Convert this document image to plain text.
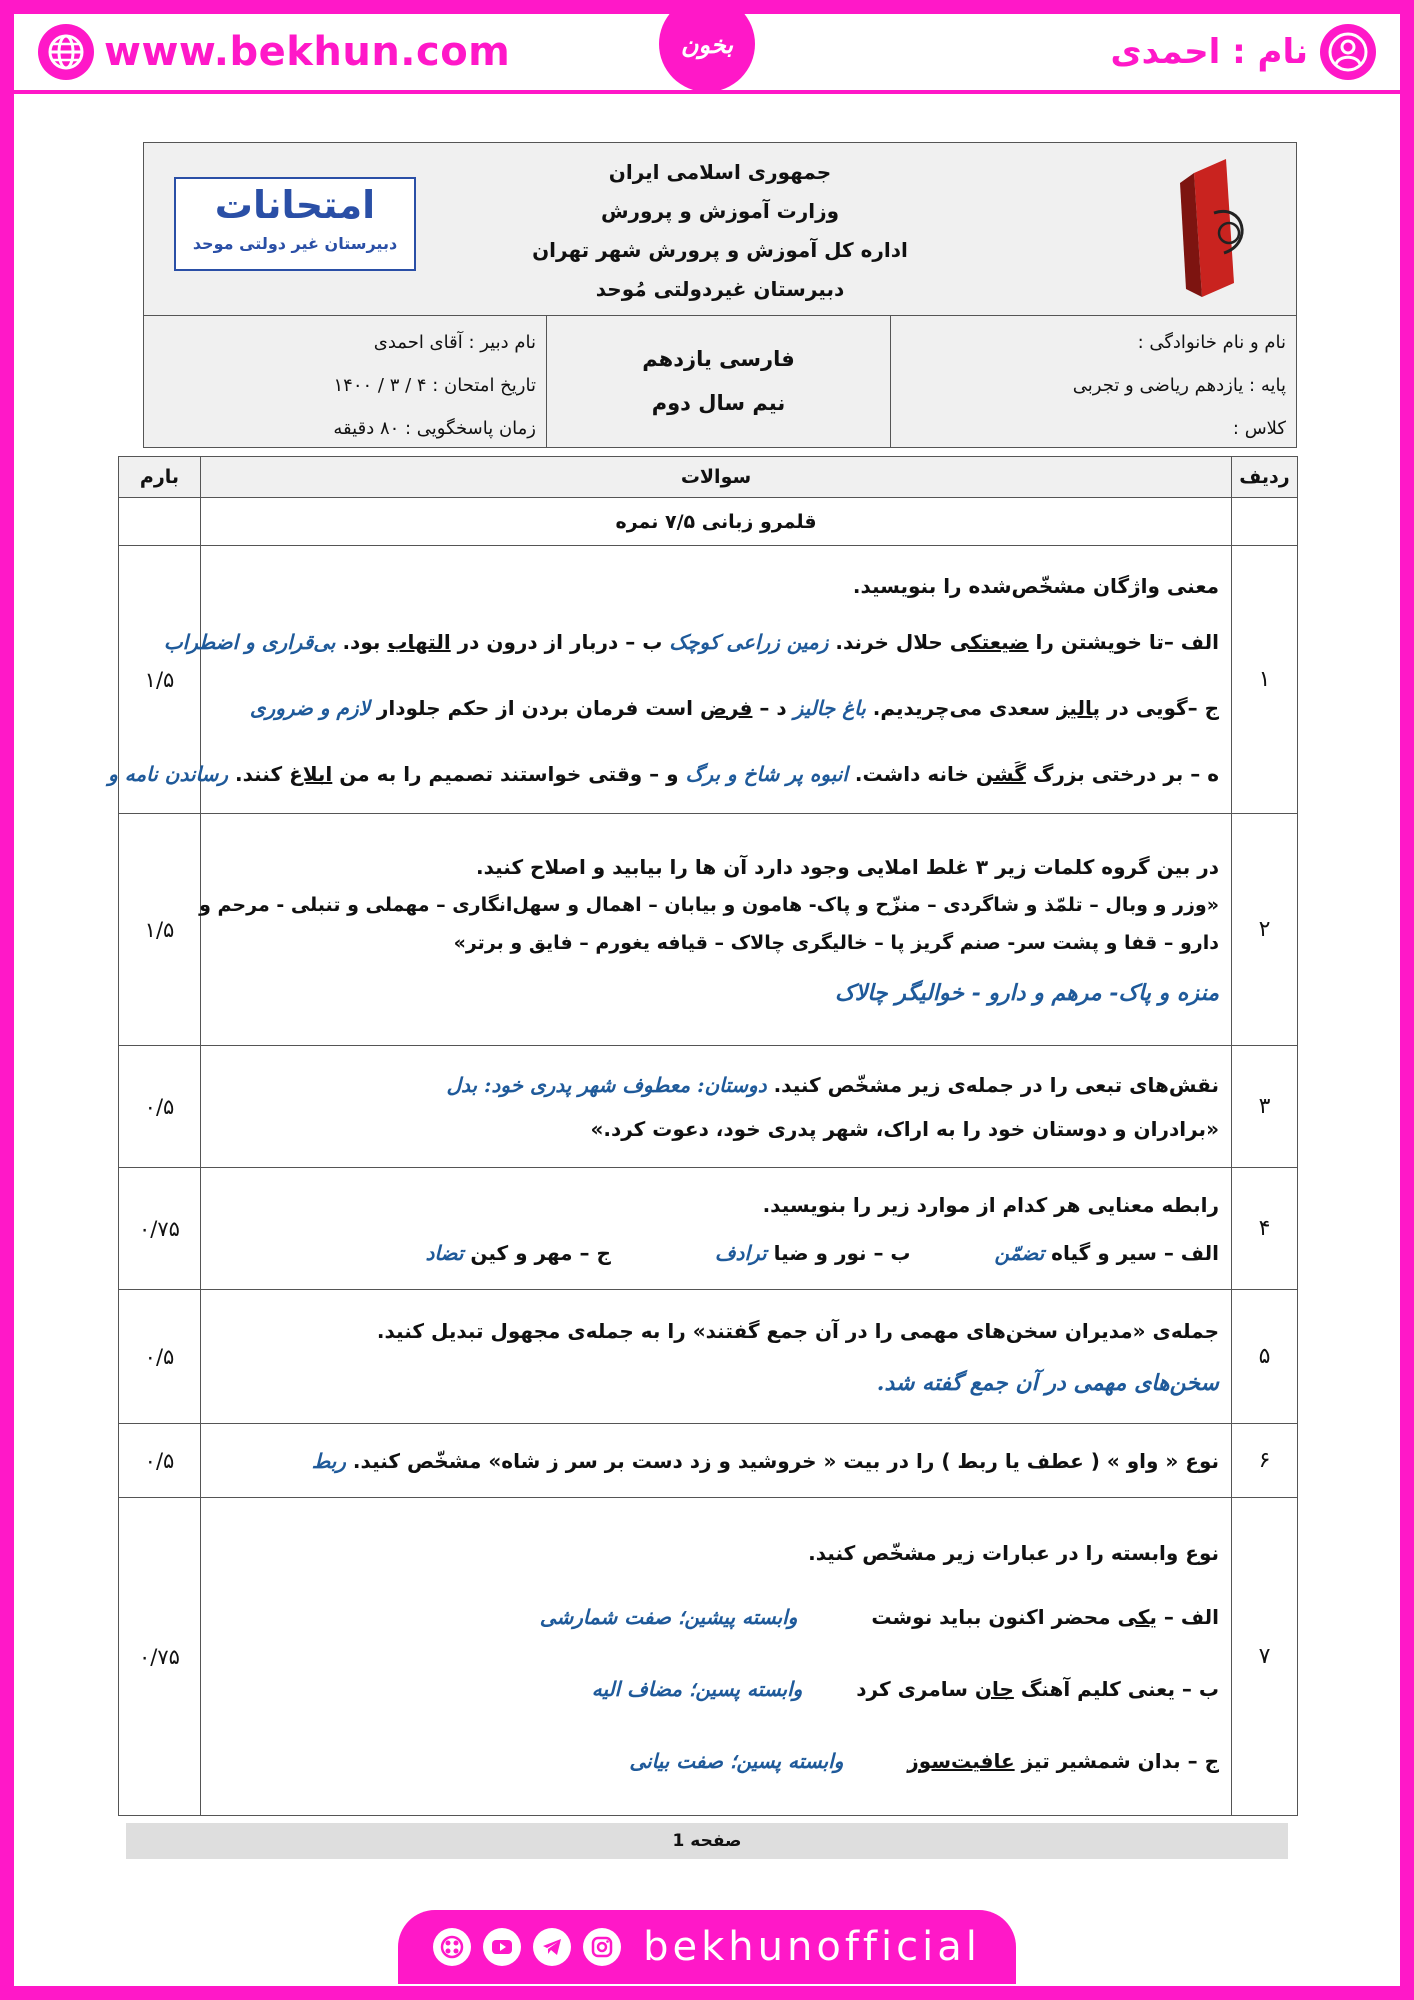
www.bekhun.com	بخون	نام : احمدی
امتحانات
دبیرستان غیر دولتی موحد
جمهوری اسلامی ایران
وزارت آموزش و پرورش
اداره کل آموزش و پرورش شهر تهران
دبیرستان غیردولتی مُوحد
نام و نام خانوادگی :
پایه : یازدهم ریاضی و تجربی
کلاس :
فارسی یازدهم
نیم سال دوم
نام دبیر : آقای احمدی
تاریخ امتحان : ۴ / ۳ / ۱۴۰۰
زمان پاسخگویی : ۸۰ دقیقه
ردیف	سوالات	بارم
	قلمرو زبانی ۷/۵ نمره	
۱	معنی واژگان مشخّص‌شده را بنویسید.
الف –تا خویشتن را ضیعتکی حلال خرند. زمین زراعی کوچک ب – دربار از درون در التهاب بود. بی‌قراری و اضطراب
ج –گویی در پالیز سعدی می‌چریدیم. باغ جالیز د – فرض است فرمان بردن از حکم جلودار لازم و ضروری
ه – بر درختی بزرگ گَشن خانه داشت. انبوه پر شاخ و برگ و – وقتی خواستند تصمیم را به من ابلاغ کنند. رساندن نامه و	۱/۵
۲	در بین گروه کلمات زیر ۳ غلط املایی وجود دارد آن ها را بیابید و اصلاح کنید.
«وزر و وبال – تلمّذ و شاگردی – منزّح و پاک- هامون و بیابان – اهمال و سهل‌انگاری – مهملی و تنبلی - مرحم و
دارو – قفا و پشت سر- صنم گریز پا – خالیگری چالاک – قیافه یغورم – فایق و برتر»
منزه و پاک- مرهم و دارو - خوالیگر چالاک	۱/۵
۳	نقش‌های تبعی را در جمله‌ی زیر مشخّص کنید. دوستان: معطوف شهر پدری خود: بدل
«برادران و دوستان خود را به اراک، شهر پدری خود، دعوت کرد.»	۰/۵
۴	رابطه معنایی هر کدام از موارد زیر را بنویسید.
الف – سیر و گیاه تضمّن  ب – نور و ضیا ترادف  ج – مهر و کین تضاد	۰/۷۵
۵	جمله‌ی «مدیران سخن‌های مهمی را در آن جمع گفتند» را به جمله‌ی مجهول تبدیل کنید.
سخن‌های مهمی در آن جمع گفته شد.	۰/۵
۶	نوع « واو » ( عطف یا ربط ) را در بیت « خروشید و زد دست بر سر ز شاه» مشخّص کنید. ربط	۰/۵
۷	نوع وابسته را در عبارات زیر مشخّص کنید.
الف – یکی محضر اکنون بباید نوشت  وابسته پیشین؛ صفت شمارشی
ب – یعنی کلیم آهنگ جان سامری کرد  وابسته پسین؛ مضاف الیه
ج – بدان شمشیر تیز عافیت‌سوز  وابسته پسین؛ صفت بیانی	۰/۷۵
صفحه 1
bekhunofficial
